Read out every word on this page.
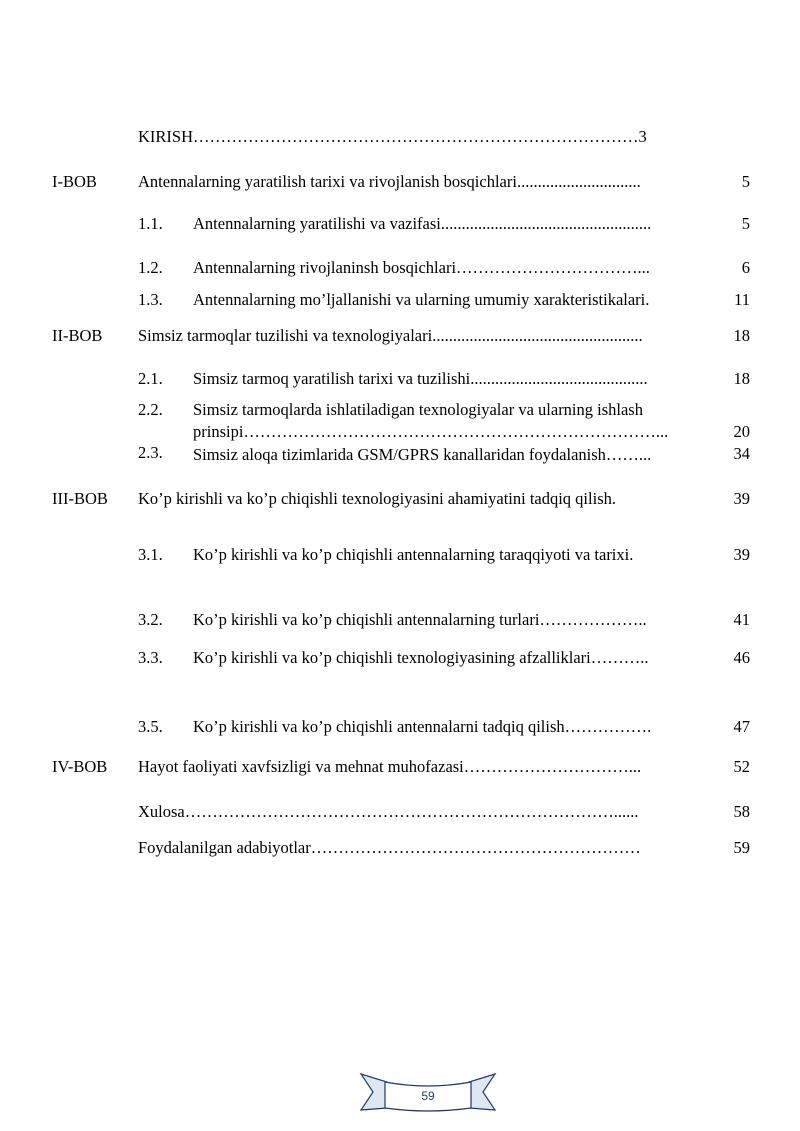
KIRISH………………………………………………………………………3
I-BOB Antennalarning yaratilish tarixi va rivojlanish bosqichlari..............................	5
1.1. Antennalarning yaratilishi va vazifasi...................................................	5
1.2. Antennalarning rivojlaninsh bosqichlari……………………………...	6
1.3. Antennalarning mo’ljallanishi va ularning umumiy xarakteristikalari.	11
II-BOB Simsiz tarmoqlar tuzilishi va texnologiyalari...................................................	18
2.1. Simsiz tarmoq yaratilish tarixi va tuzilishi...........................................	18
2.2. Simsiz tarmoqlarda ishlatiladigan texnologiyalar va ularning ishlash
prinsipi…………………………………………………………………...	20
2.3. Simsiz aloqa tizimlarida GSM/GPRS kanallaridan foydalanish……...	34
III-BOB Ko’p kirishli va ko’p chiqishli texnologiyasini ahamiyatini tadqiq qilish.	39
3.1. Ko’p kirishli va ko’p chiqishli antennalarning taraqqiyoti va tarixi.	39
3.2. Ko’p kirishli va ko’p chiqishli antennalarning turlari………………..	41
3.3. Ko’p kirishli va ko’p chiqishli texnologiyasining afzalliklari………..	46
3.5. Ko’p kirishli va ko’p chiqishli antennalarni tadqiq qilish…………….	47
IV-BOB Hayot faoliyati xavfsizligi va mehnat muhofazasi…………………………...	52
Xulosa……………………………………………………………………......	58
Foydalanilgan adabiyotlar……………………………………………………	59
59
